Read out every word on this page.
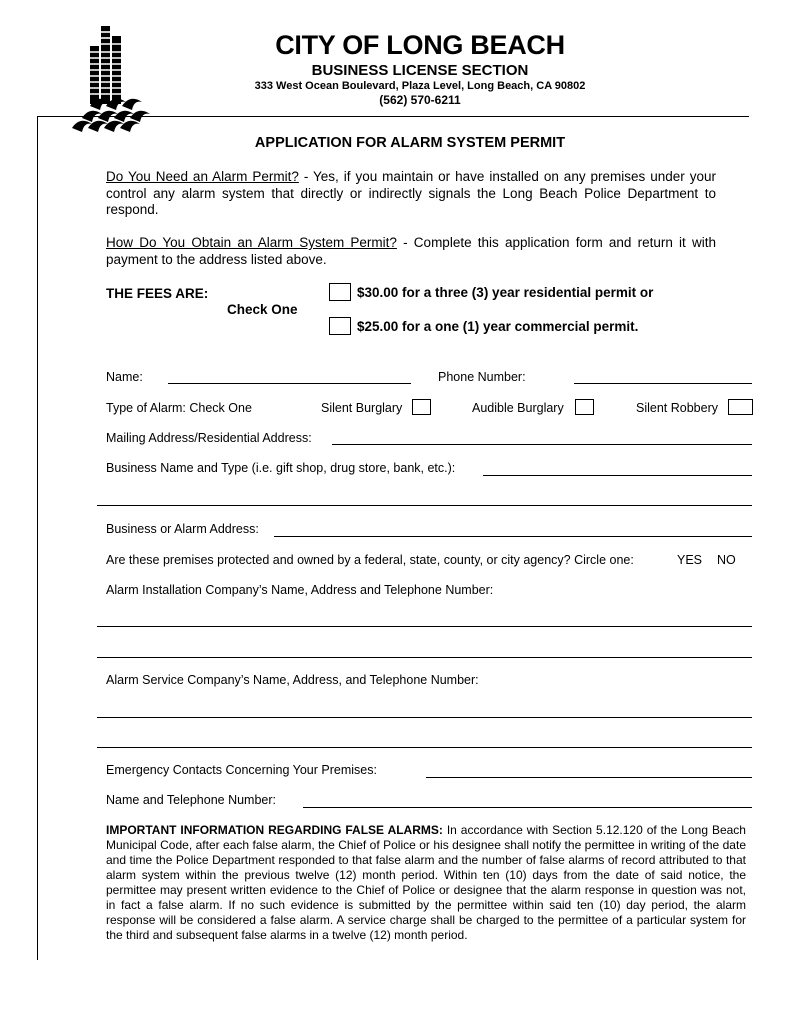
CITY OF LONG BEACH
BUSINESS LICENSE SECTION
333 West Ocean Boulevard, Plaza Level, Long Beach, CA 90802
(562) 570-6211
APPLICATION FOR ALARM SYSTEM PERMIT
Do You Need an Alarm Permit? - Yes, if you maintain or have installed on any premises under your control any alarm system that directly or indirectly signals the Long Beach Police Department to respond.
How Do You Obtain an Alarm System Permit? - Complete this application form and return it with payment to the address listed above.
THE FEES ARE:
Check One
$30.00 for a three (3) year residential permit or
$25.00 for a one (1) year commercial permit.
Name:	Phone Number:
Type of Alarm: Check One	Silent Burglary	Audible Burglary	Silent Robbery
Mailing Address/Residential Address:
Business Name and Type (i.e. gift shop, drug store, bank, etc.):
Business or Alarm Address:
Are these premises protected and owned by a federal, state, county, or city agency? Circle one:	YES NO
Alarm Installation Company’s Name, Address and Telephone Number:
Alarm Service Company’s Name, Address, and Telephone Number:
Emergency Contacts Concerning Your Premises:
Name and Telephone Number:
IMPORTANT INFORMATION REGARDING FALSE ALARMS: In accordance with Section 5.12.120 of the Long Beach Municipal Code, after each false alarm, the Chief of Police or his designee shall notify the permittee in writing of the date and time the Police Department responded to that false alarm and the number of false alarms of record attributed to that alarm system within the previous twelve (12) month period. Within ten (10) days from the date of said notice, the permittee may present written evidence to the Chief of Police or designee that the alarm response in question was not, in fact a false alarm. If no such evidence is submitted by the permittee within said ten (10) day period, the alarm response will be considered a false alarm. A service charge shall be charged to the permittee of a particular system for the third and subsequent false alarms in a twelve (12) month period.
